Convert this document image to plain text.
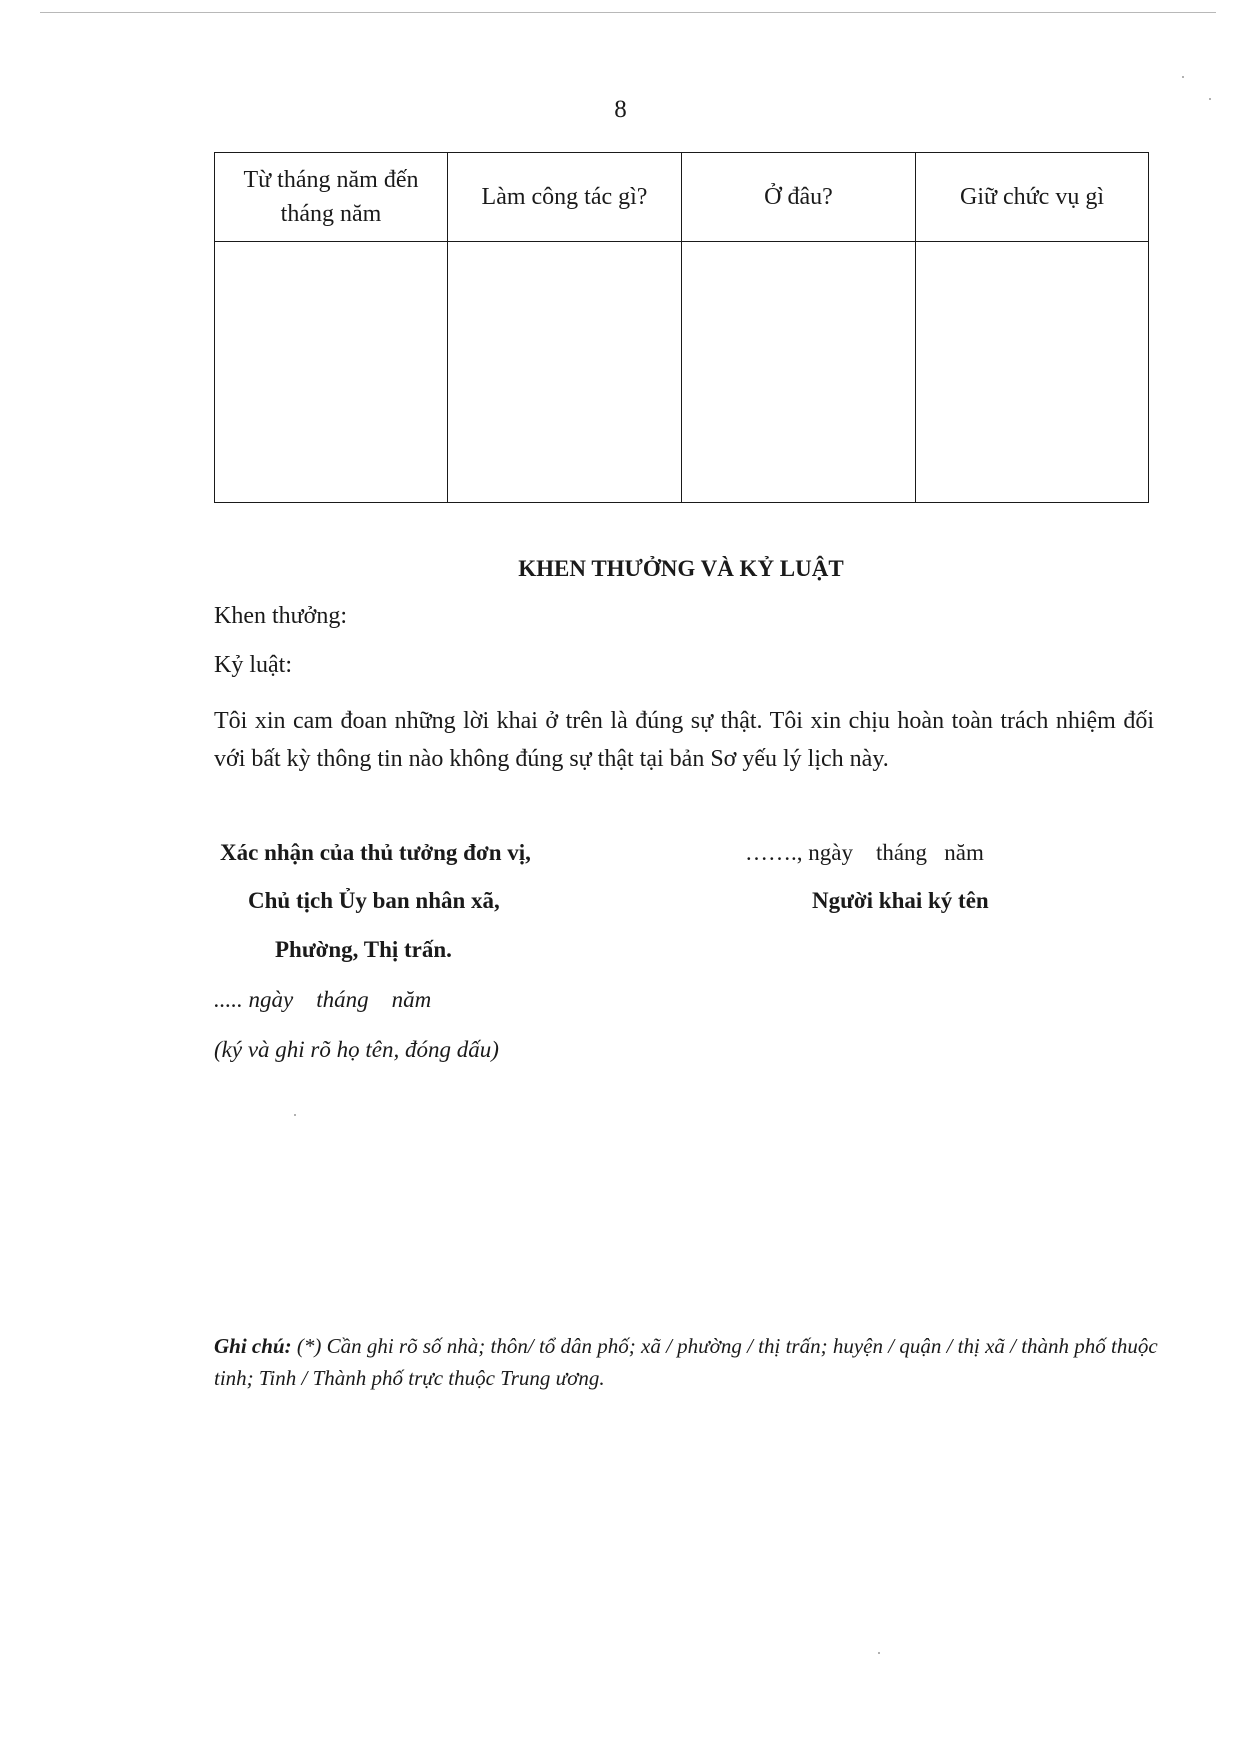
8
Từ tháng năm đến tháng năm	Làm công tác gì?	Ở đâu?	Giữ chức vụ gì

KHEN THƯỞNG VÀ KỶ LUẬT
Khen thưởng:
Kỷ luật:
Tôi xin cam đoan những lời khai ở trên là đúng sự thật. Tôi xin chịu hoàn toàn trách nhiệm đối với bất kỳ thông tin nào không đúng sự thật tại bản Sơ yếu lý lịch này.
Xác nhận của thủ tưởng đơn vị,
Chủ tịch Ủy ban nhân xã,
Phường, Thị trấn.
..... ngày    tháng    năm
(ký và ghi rõ họ tên, đóng dấu)
……., ngày    tháng   năm
Người khai ký tên
Ghi chú: (*) Cần ghi rõ số nhà; thôn/ tổ dân phố; xã / phường / thị trấn; huyện / quận / thị xã / thành phố thuộc tinh; Tinh / Thành phố trực thuộc Trung ương.
